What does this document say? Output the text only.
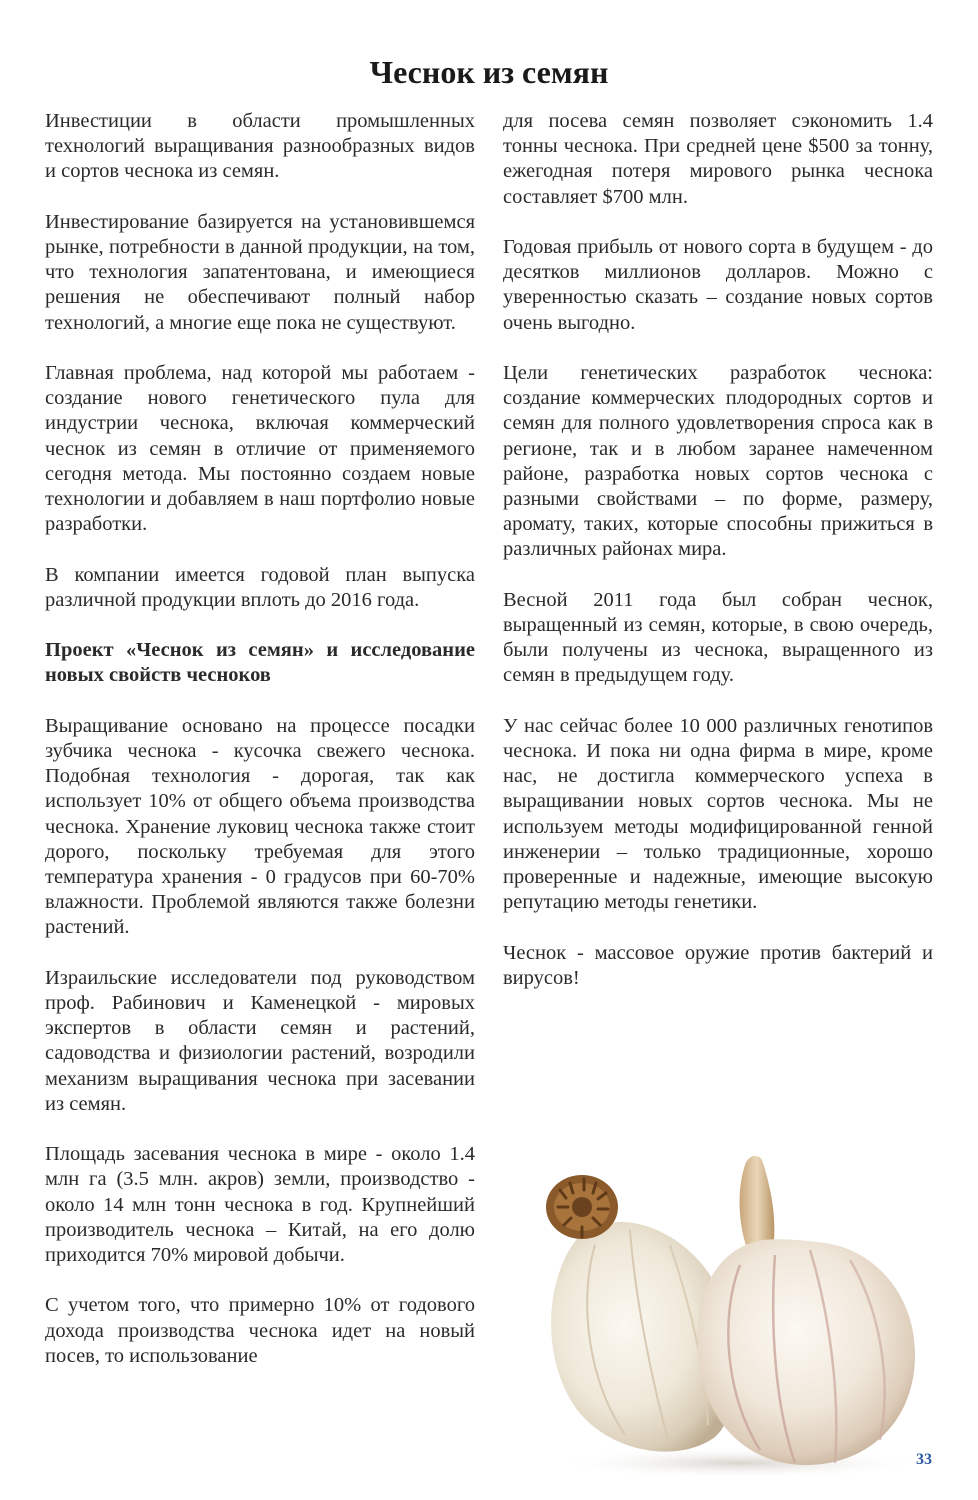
Чеснок из семян

Инвестиции в области промышленных технологий выращивания разнообразных видов и сортов чеснока из семян.

Инвестирование базируется на установившемся рынке, потребности в данной продукции, на том, что технология запатентована, и имеющиеся решения не обеспечивают полный набор технологий, а многие еще пока не существуют.

Главная проблема, над которой мы работаем - создание нового генетического пула для индустрии чеснока, включая коммерческий чеснок из семян в отличие от применяемого сегодня метода. Мы постоянно создаем новые технологии и добавляем в наш портфолио новые разработки.

В компании имеется годовой план выпуска различной продукции вплоть до 2016 года.

Проект «Чеснок из семян» и исследование новых свойств чесноков

Выращивание основано на процессе посадки зубчика чеснока - кусочка свежего чеснока. Подобная технология - дорогая, так как использует 10% от общего объема производства чеснока. Хранение луковиц чеснока также стоит дорого, поскольку требуемая для этого температура хранения - 0 градусов при 60-70% влажности. Проблемой являются также болезни растений.

Израильские исследователи под руководством проф. Рабинович и Каменецкой - мировых экспертов в области семян и растений, садоводства и физиологии растений, возродили механизм выращивания чеснока при засевании из семян.

Площадь засевания чеснока в мире - около 1.4 млн га (3.5 млн. акров) земли, производство - около 14 млн тонн чеснока в год. Крупнейший производитель чеснока – Китай, на его долю приходится 70% мировой добычи.

С учетом того, что примерно 10% от годового дохода производства чеснока идет на новый посев, то использование

для посева семян позволяет сэкономить 1.4 тонны чеснока. При средней цене $500 за тонну, ежегодная потеря мирового рынка чеснока составляет $700 млн.

Годовая прибыль от нового сорта в будущем - до десятков миллионов долларов. Можно с уверенностью сказать – создание новых сортов очень выгодно.

Цели генетических разработок чеснока: создание коммерческих плодородных сортов и семян для полного удовлетворения спроса как в регионе, так и в любом заранее намеченном районе, разработка новых сортов чеснока с разными свойствами – по форме, размеру, аромату, таких, которые способны прижиться в различных районах мира.

Весной 2011 года был собран чеснок, выращенный из семян, которые, в свою очередь, были получены из чеснока, выращенного из семян в предыдущем году.

У нас сейчас более 10 000 различных генотипов чеснока. И пока ни одна фирма в мире, кроме нас, не достигла коммерческого успеха в выращивании новых сортов чеснока. Мы не используем методы модифицированной генной инженерии – только традиционные, хорошо проверенные и надежные, имеющие высокую репутацию методы генетики.

Чеснок - массовое оружие против бактерий и вирусов!

33
